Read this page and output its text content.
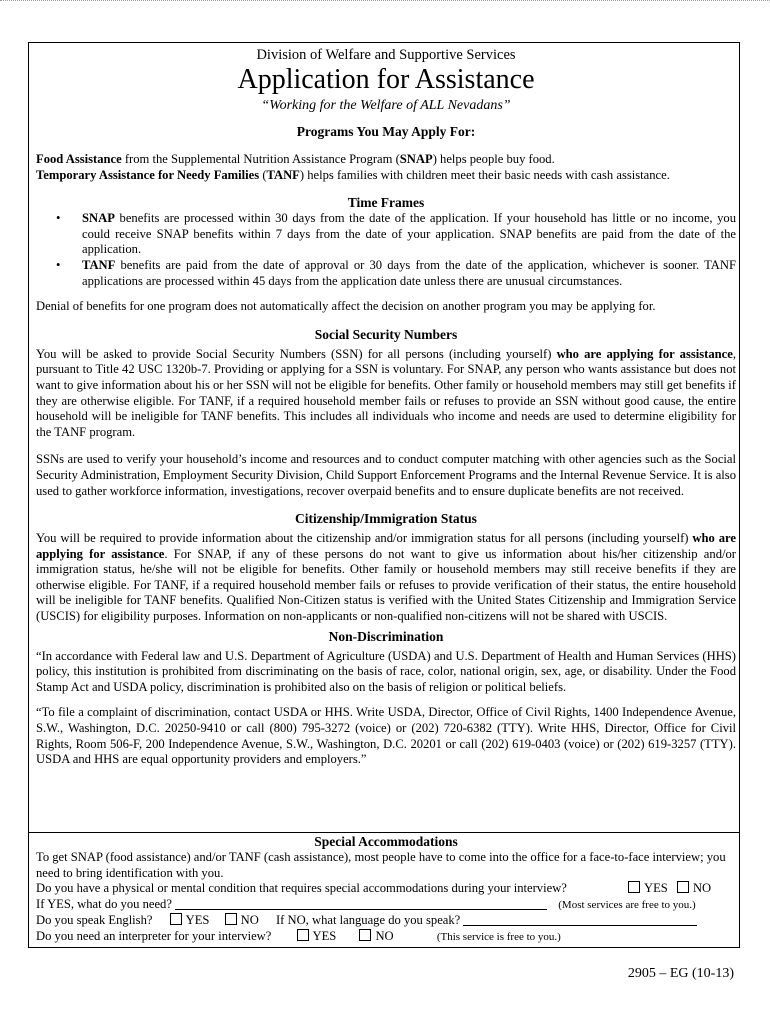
Division of Welfare and Supportive Services
Application for Assistance
“Working for the Welfare of ALL Nevadans”
Programs You May Apply For:

Food Assistance from the Supplemental Nutrition Assistance Program (SNAP) helps people buy food.

Temporary Assistance for Needy Families (TANF) helps families with children meet their basic needs with cash assistance.

Time Frames
• SNAP benefits are processed within 30 days from the date of the application. If your household has little or no income, you could receive SNAP benefits within 7 days from the date of your application. SNAP benefits are paid from the date of the application.
• TANF benefits are paid from the date of approval or 30 days from the date of the application, whichever is sooner. TANF applications are processed within 45 days from the application date unless there are unusual circumstances.

Denial of benefits for one program does not automatically affect the decision on another program you may be applying for.

Social Security Numbers

You will be asked to provide Social Security Numbers (SSN) for all persons (including yourself) who are applying for assistance, pursuant to Title 42 USC 1320b-7. Providing or applying for a SSN is voluntary. For SNAP, any person who wants assistance but does not want to give information about his or her SSN will not be eligible for benefits. Other family or household members may still get benefits if they are otherwise eligible. For TANF, if a required household member fails or refuses to provide an SSN without good cause, the entire household will be ineligible for TANF benefits. This includes all individuals who income and needs are used to determine eligibility for the TANF program.

SSNs are used to verify your household’s income and resources and to conduct computer matching with other agencies such as the Social Security Administration, Employment Security Division, Child Support Enforcement Programs and the Internal Revenue Service. It is also used to gather workforce information, investigations, recover overpaid benefits and to ensure duplicate benefits are not received.

Citizenship/Immigration Status

You will be required to provide information about the citizenship and/or immigration status for all persons (including yourself) who are applying for assistance. For SNAP, if any of these persons do not want to give us information about his/her citizenship and/or immigration status, he/she will not be eligible for benefits. Other family or household members may still receive benefits if they are otherwise eligible. For TANF, if a required household member fails or refuses to provide verification of their status, the entire household will be ineligible for TANF benefits. Qualified Non-Citizen status is verified with the United States Citizenship and Immigration Service (USCIS) for eligibility purposes. Information on non-applicants or non-qualified non-citizens will not be shared with USCIS.

Non-Discrimination

“In accordance with Federal law and U.S. Department of Agriculture (USDA) and U.S. Department of Health and Human Services (HHS) policy, this institution is prohibited from discriminating on the basis of race, color, national origin, sex, age, or disability. Under the Food Stamp Act and USDA policy, discrimination is prohibited also on the basis of religion or political beliefs.

“To file a complaint of discrimination, contact USDA or HHS. Write USDA, Director, Office of Civil Rights, 1400 Independence Avenue, S.W., Washington, D.C. 20250-9410 or call (800) 795-3272 (voice) or (202) 720-6382 (TTY). Write HHS, Director, Office for Civil Rights, Room 506-F, 200 Independence Avenue, S.W., Washington, D.C. 20201 or call (202) 619-0403 (voice) or (202) 619-3257 (TTY). USDA and HHS are equal opportunity providers and employers.”

Special Accommodations

To get SNAP (food assistance) and/or TANF (cash assistance), most people have to come into the office for a face-to-face interview; you need to bring identification with you.

Do you have a physical or mental condition that requires special accommodations during your interview?	YES NO
If YES, what do you need?	(Most services are free to you.)
Do you speak English?	YES NO If NO, what language do you speak?
Do you need an interpreter for your interview?	YES	NO	(This service is free to you.)
2905 – EG (10-13)
